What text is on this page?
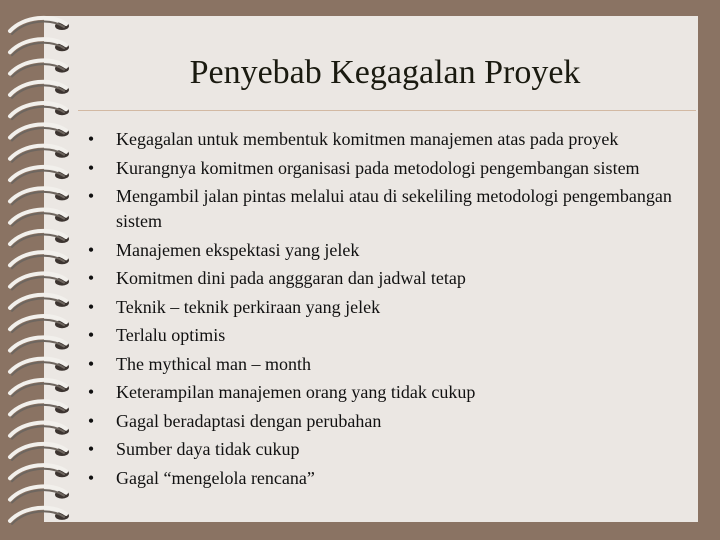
Penyebab Kegagalan Proyek
• Kegagalan untuk membentuk komitmen manajemen atas pada proyek
• Kurangnya komitmen organisasi pada metodologi pengembangan sistem
• Mengambil jalan pintas melalui atau di sekeliling metodologi pengembangan sistem
• Manajemen ekspektasi yang jelek
• Komitmen dini pada angggaran dan jadwal tetap
• Teknik – teknik perkiraan yang jelek
• Terlalu optimis
• The mythical man – month
• Keterampilan manajemen orang yang tidak cukup
• Gagal beradaptasi dengan perubahan
• Sumber daya tidak cukup
• Gagal “mengelola rencana”
